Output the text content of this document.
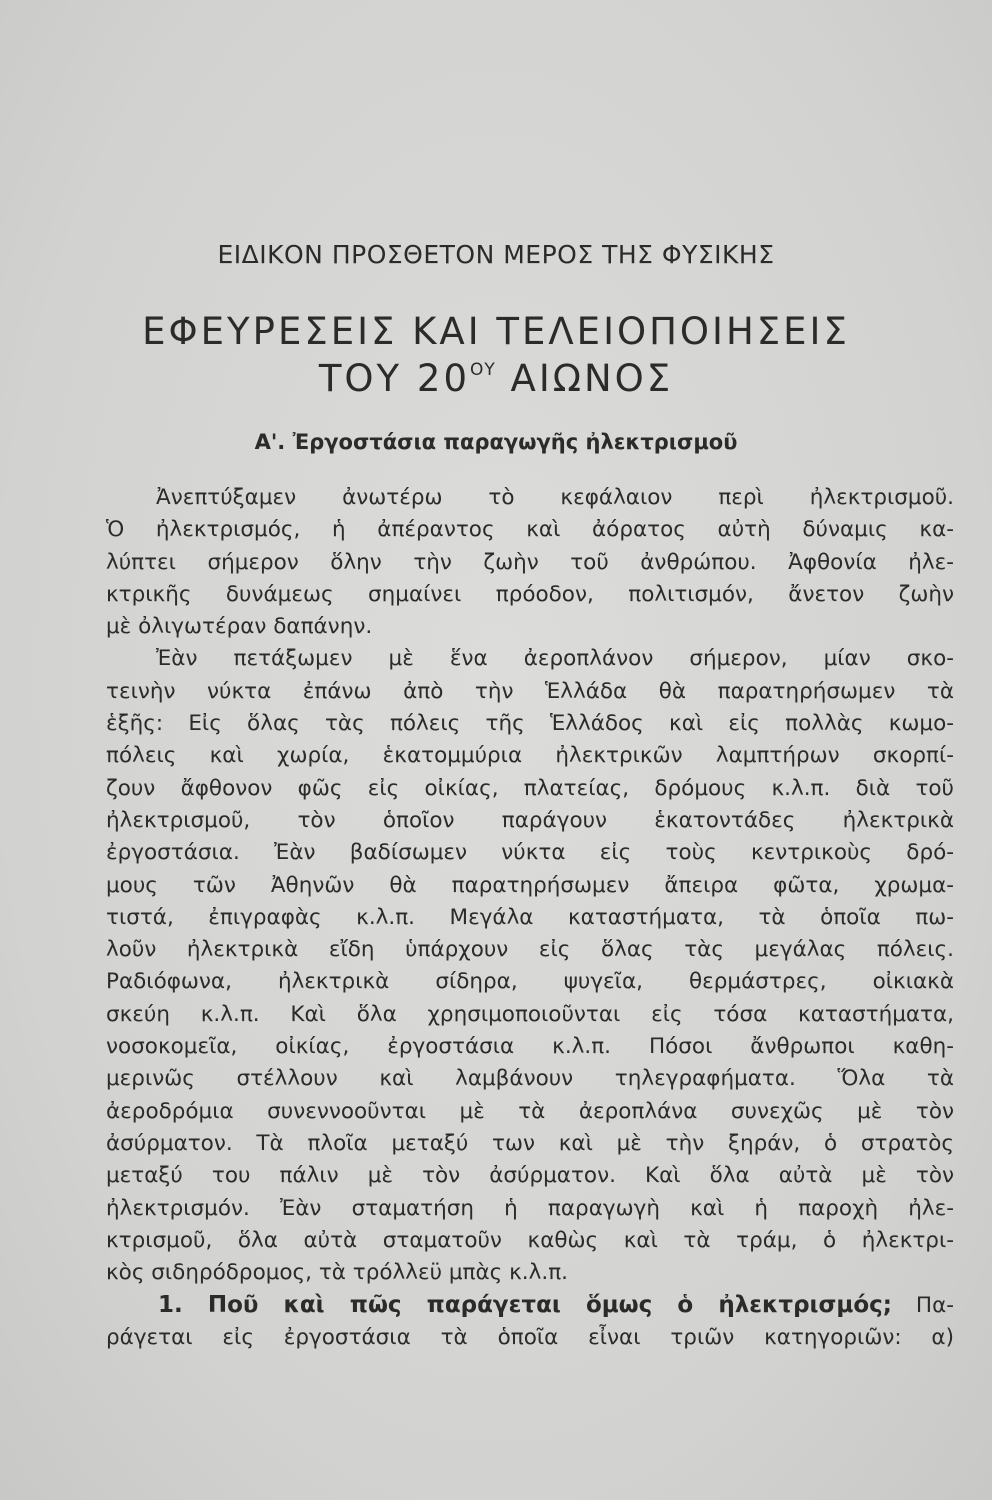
ΕΙΔΙΚΟΝ ΠΡΟΣΘΕΤΟΝ ΜΕΡΟΣ ΤΗΣ ΦΥΣΙΚΗΣ
ΕΦΕΥΡΕΣΕΙΣ ΚΑΙ ΤΕΛΕΙΟΠΟΙΗΣΕΙΣ
ΤΟΥ $20^{O\Upsilon}$ ΑΙΩΝΟΣ
Α'. Ἐργοστάσια παραγωγῆς ἠλεκτρισμοῦ
Ἀνεπτύξαμεν ἀνωτέρω τὸ κεφάλαιον περὶ ἠλεκτρισμοῦ.
Ὁ ἠλεκτρισμός, ἡ ἀπέραντος καὶ ἀόρατος αὐτὴ δύναμις κα-
λύπτει σήμερον ὅλην τὴν ζωὴν τοῦ ἀνθρώπου. Ἀφθονία ἠλε-
κτρικῆς δυνάμεως σημαίνει πρόοδον, πολιτισμόν, ἄνετον ζωὴν
μὲ ὀλιγωτέραν δαπάνην.
Ἐὰν πετάξωμεν μὲ ἕνα ἀεροπλάνον σήμερον, μίαν σκο-
τεινὴν νύκτα ἐπάνω ἀπὸ τὴν Ἑλλάδα θὰ παρατηρήσωμεν τὰ
ἑξῆς: Εἰς ὅλας τὰς πόλεις τῆς Ἑλλάδος καὶ εἰς πολλὰς κωμο-
πόλεις καὶ χωρία, ἑκατομμύρια ἠλεκτρικῶν λαμπτήρων σκορπί-
ζουν ἄφθονον φῶς εἰς οἰκίας, πλατείας, δρόμους κ.λ.π. διὰ τοῦ
ἠλεκτρισμοῦ, τὸν ὁποῖον παράγουν ἑκατοντάδες ἠλεκτρικὰ
ἐργοστάσια. Ἐὰν βαδίσωμεν νύκτα εἰς τοὺς κεντρικοὺς δρό-
μους τῶν Ἀθηνῶν θὰ παρατηρήσωμεν ἄπειρα φῶτα, χρωμα-
τιστά, ἐπιγραφὰς κ.λ.π. Μεγάλα καταστήματα, τὰ ὁποῖα πω-
λοῦν ἠλεκτρικὰ εἴδη ὑπάρχουν εἰς ὅλας τὰς μεγάλας πόλεις.
Ραδιόφωνα, ἠλεκτρικὰ σίδηρα, ψυγεῖα, θερμάστρες, οἰκιακὰ
σκεύη κ.λ.π. Καὶ ὅλα χρησιμοποιοῦνται εἰς τόσα καταστήματα,
νοσοκομεῖα, οἰκίας, ἐργοστάσια κ.λ.π. Πόσοι ἄνθρωποι καθη-
μερινῶς στέλλουν καὶ λαμβάνουν τηλεγραφήματα. Ὅλα τὰ
ἀεροδρόμια συνεννοοῦνται μὲ τὰ ἀεροπλάνα συνεχῶς μὲ τὸν
ἀσύρματον. Τὰ πλοῖα μεταξύ των καὶ μὲ τὴν ξηράν, ὁ στρατὸς
μεταξύ του πάλιν μὲ τὸν ἀσύρματον. Καὶ ὅλα αὐτὰ μὲ τὸν
ἠλεκτρισμόν. Ἐὰν σταματήση ἡ παραγωγὴ καὶ ἡ παροχὴ ἠλε-
κτρισμοῦ, ὅλα αὐτὰ σταματοῦν καθὼς καὶ τὰ τράμ, ὁ ἠλεκτρι-
κὸς σιδηρόδρομος, τὰ τρόλλεϋ μπὰς κ.λ.π.
1. Ποῦ καὶ πῶς παράγεται ὅμως ὁ ἠλεκτρισμός; Πα-
ράγεται εἰς ἐργοστάσια τὰ ὁποῖα εἶναι τριῶν κατηγοριῶν: α)
